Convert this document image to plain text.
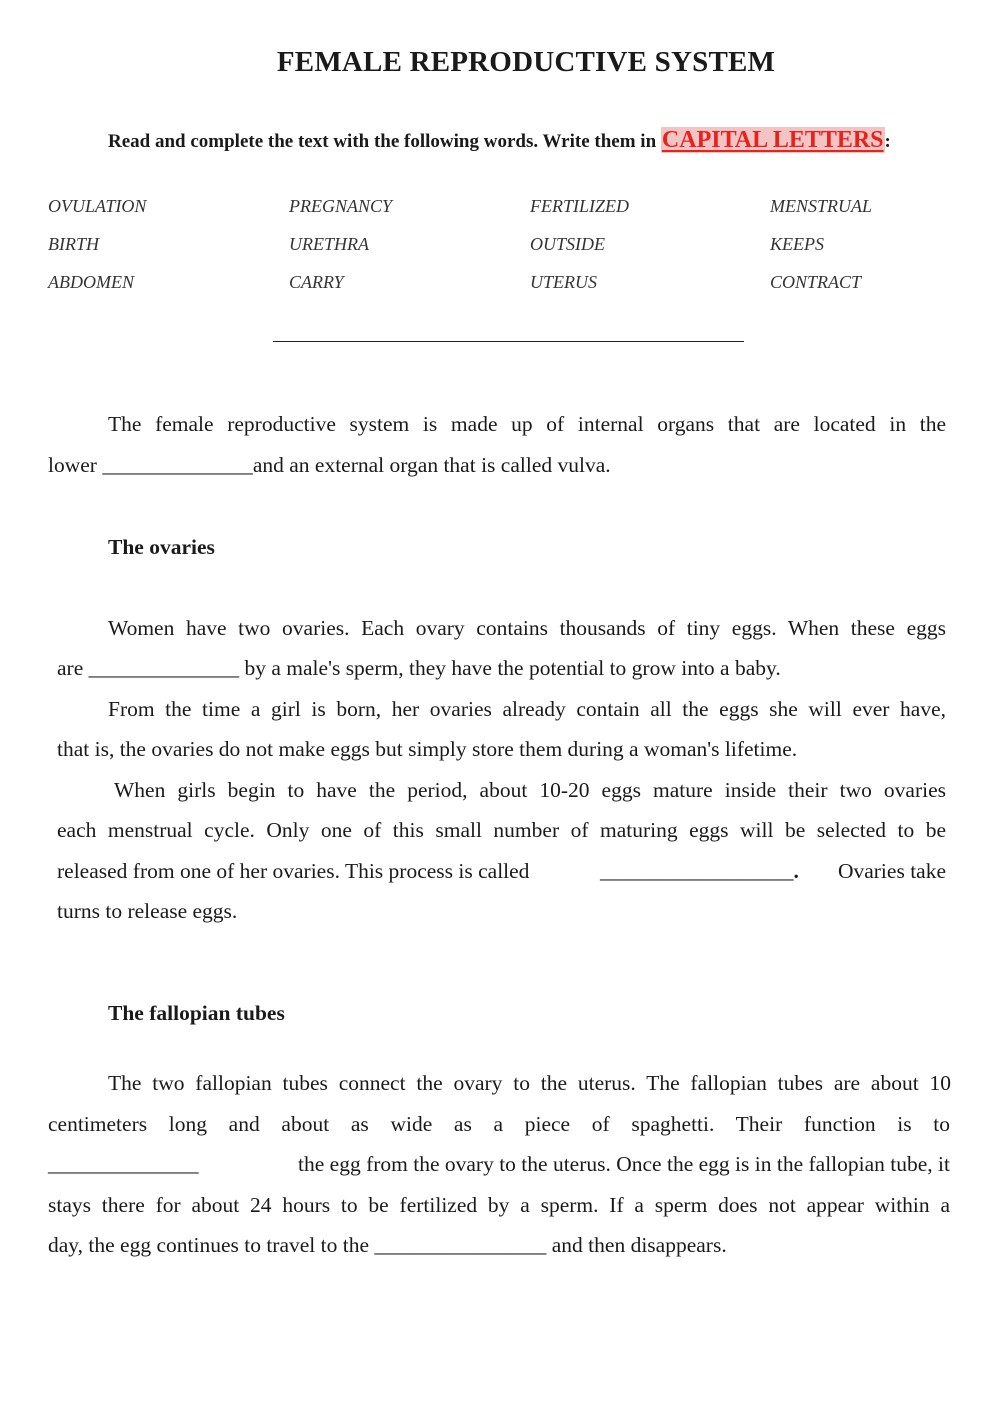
FEMALE REPRODUCTIVE SYSTEM
Read and complete the text with the following words. Write them in CAPITAL LETTERS:
OVULATION	PREGNANCY	FERTILIZED	MENSTRUAL
BIRTH	URETHRA	OUTSIDE	KEEPS
ABDOMEN	CARRY	UTERUS	CONTRACT
The female reproductive system is made up of internal organs that are located in the
lower ______________and an external organ that is called vulva.
The ovaries
Women have two ovaries. Each ovary contains thousands of tiny eggs. When these eggs
are ______________ by a male's sperm, they have the potential to grow into a baby.
From the time a girl is born, her ovaries already contain all the eggs she will ever have,
that is, the ovaries do not make eggs but simply store them during a woman's lifetime.
When girls begin to have the period, about 10-20 eggs mature inside their two ovaries
each menstrual cycle. Only one of this small number of maturing eggs will be selected to be
released from one of her ovaries. This process is called	__________________. Ovaries take
turns to release eggs.
The fallopian tubes
The two fallopian tubes connect the ovary to the uterus. The fallopian tubes are about 10
centimeters long and about as wide as a piece of spaghetti. Their function is to
______________	the egg from the ovary to the uterus. Once the egg is in the fallopian tube, it
stays there for about 24 hours to be fertilized by a sperm. If a sperm does not appear within a
day, the egg continues to travel to the ________________ and then disappears.
